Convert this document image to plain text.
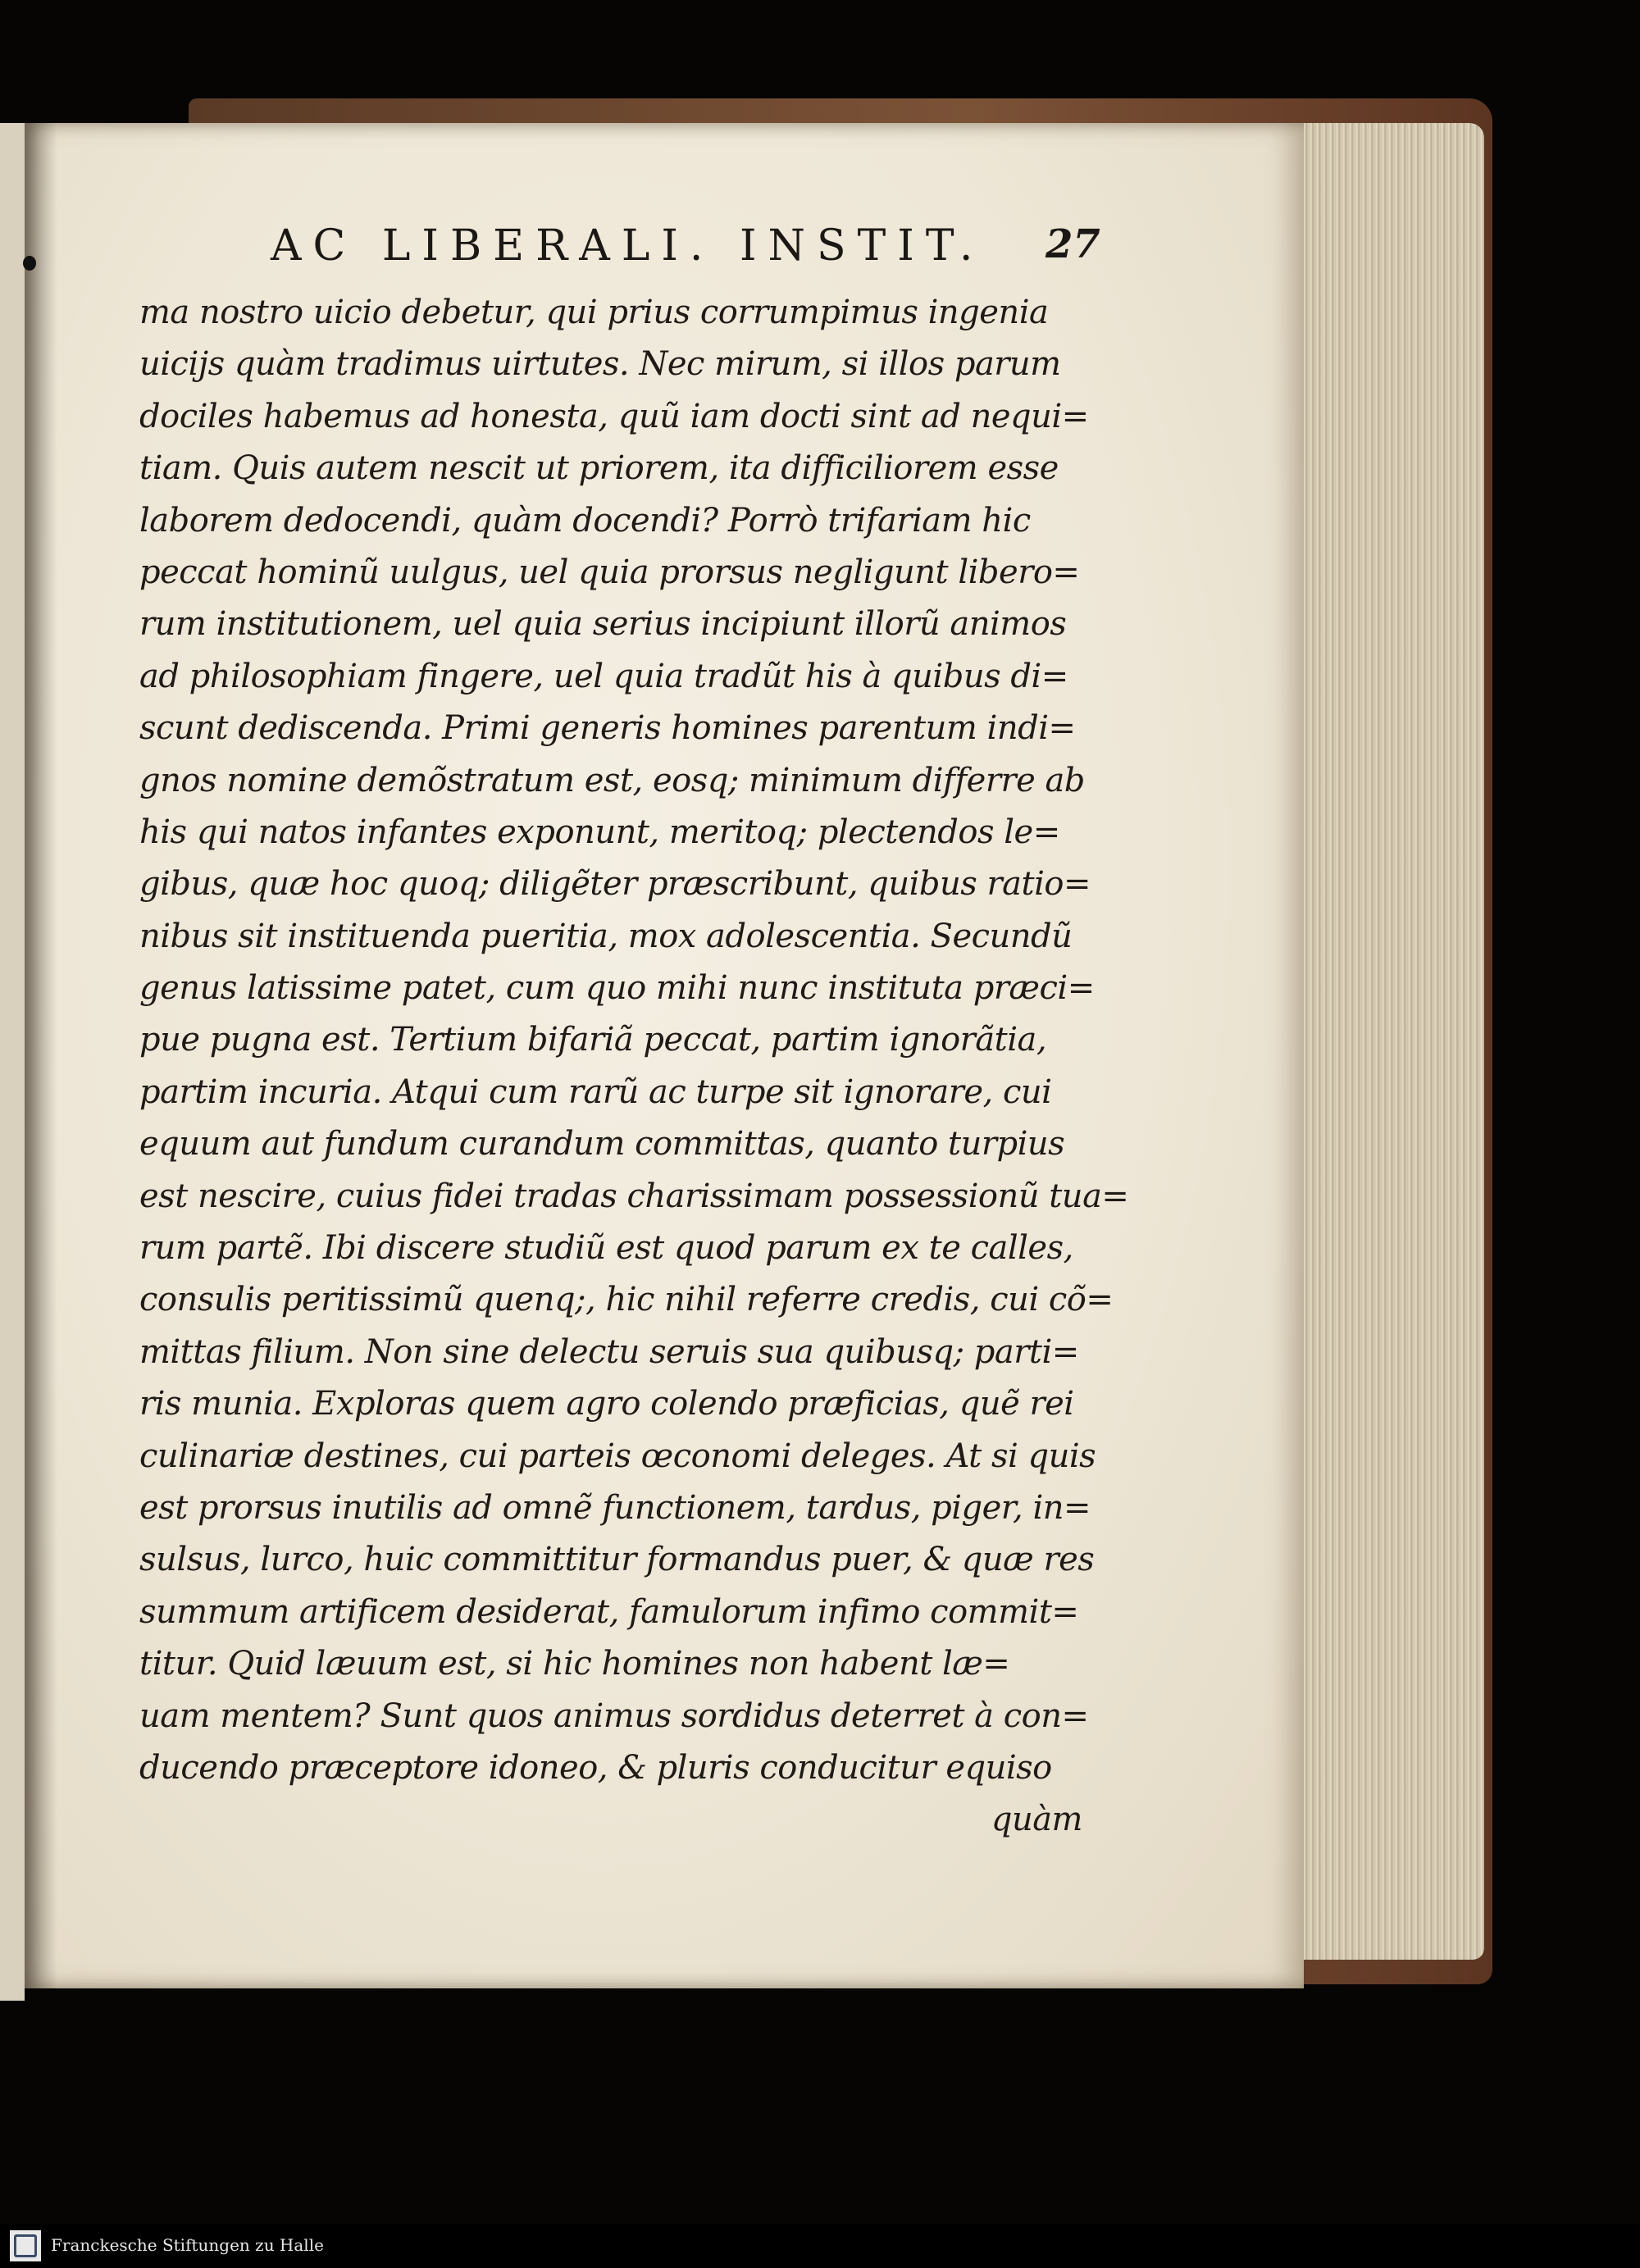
AC LIBERALI. INSTIT. 27
ma nostro uicio debetur, qui prius corrumpimus ingenia
uicijs quàm tradimus uirtutes. Nec mirum, si illos parum
dociles habemus ad honesta, quũ iam docti sint ad nequi=
tiam. Quis autem nescit ut priorem, ita difficiliorem esse
laborem dedocendi, quàm docendi? Porrò trifariam hic
peccat hominũ uulgus, uel quia prorsus negligunt libero=
rum institutionem, uel quia serius incipiunt illorũ animos
ad philosophiam fingere, uel quia tradũt his à quibus di=
scunt dediscenda. Primi generis homines parentum indi=
gnos nomine demõstratum est, eosq; minimum differre ab
his qui natos infantes exponunt, meritoq; plectendos le=
gibus, quæ hoc quoq; diligẽter præscribunt, quibus ratio=
nibus sit instituenda pueritia, mox adolescentia. Secundũ
genus latissime patet, cum quo mihi nunc instituta præci=
pue pugna est. Tertium bifariã peccat, partim ignorãtia,
partim incuria. Atqui cum rarũ ac turpe sit ignorare, cui
equum aut fundum curandum committas, quanto turpius
est nescire, cuius fidei tradas charissimam possessionũ tua=
rum partẽ. Ibi discere studiũ est quod parum ex te calles,
consulis peritissimũ quenq;, hic nihil referre credis, cui cõ=
mittas filium. Non sine delectu seruis sua quibusq; parti=
ris munia. Exploras quem agro colendo præficias, quẽ rei
culinariæ destines, cui parteis œconomi deleges. At si quis
est prorsus inutilis ad omnẽ functionem, tardus, piger, in=
sulsus, lurco, huic committitur formandus puer, & quæ res
summum artificem desiderat, famulorum infimo commit=
titur. Quid læuum est, si hic homines non habent læ=
uam mentem? Sunt quos animus sordidus deterret à con=
ducendo præceptore idoneo, & pluris conducitur equiso
quàm
Franckesche Stiftungen zu Halle
